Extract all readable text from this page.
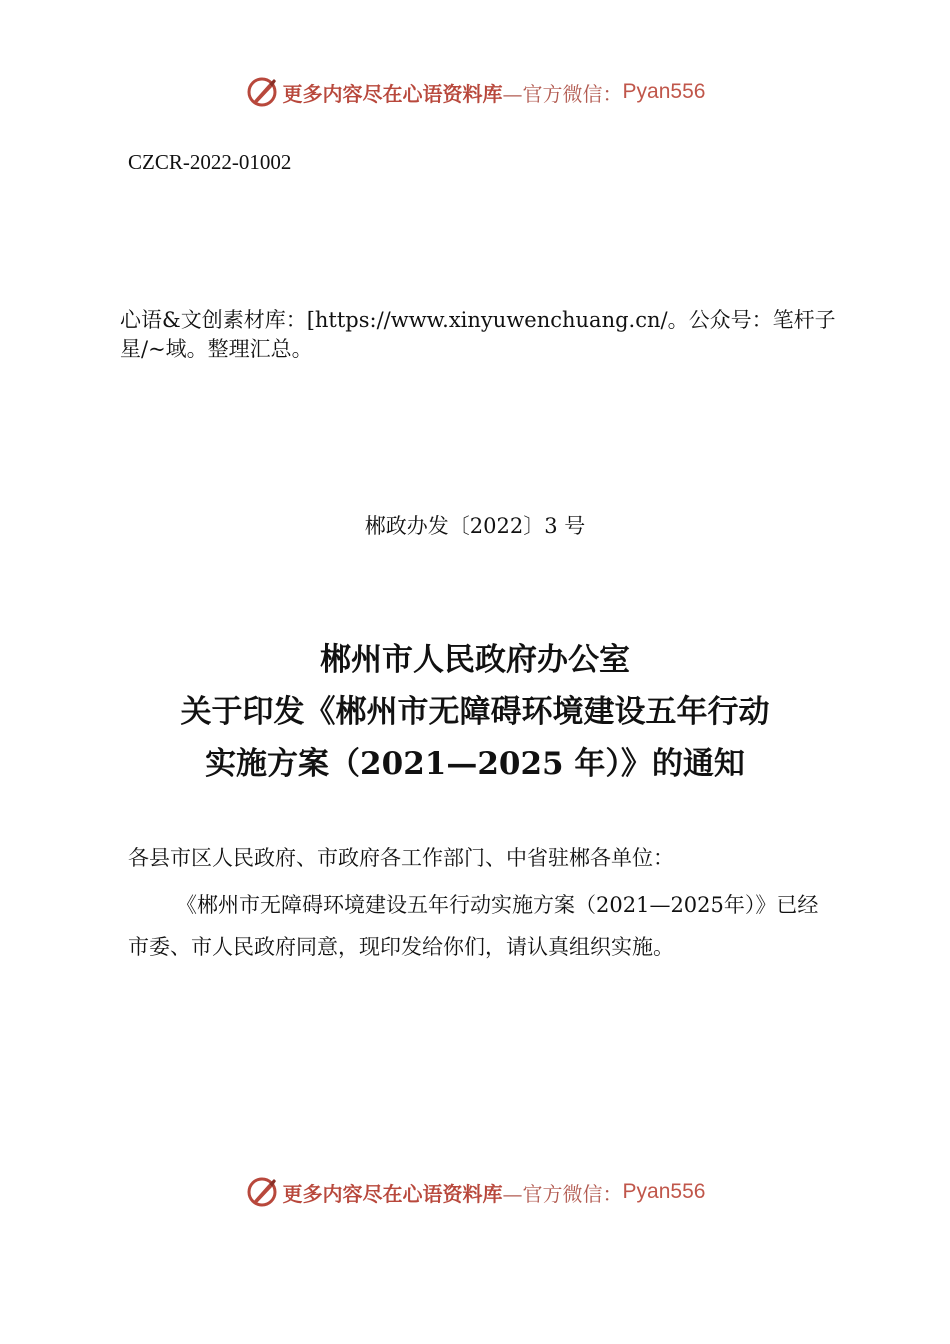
更多内容尽在心语资料库 —官方微信： Pyan556
CZCR-2022-01002
心语&文创素材库：[https://www.xinyuwenchuang.cn/。公众号：笔杆子星/~域。整理汇总。
郴政办发〔2022〕3 号
郴州市人民政府办公室
关于印发《郴州市无障碍环境建设五年行动
实施方案（2021—2025 年）》的通知
各县市区人民政府、市政府各工作部门、中省驻郴各单位：

《郴州市无障碍环境建设五年行动实施方案（2021—2025年）》已经市委、市人民政府同意，现印发给你们，请认真组织实施。

更多内容尽在心语资料库 —官方微信： Pyan556
